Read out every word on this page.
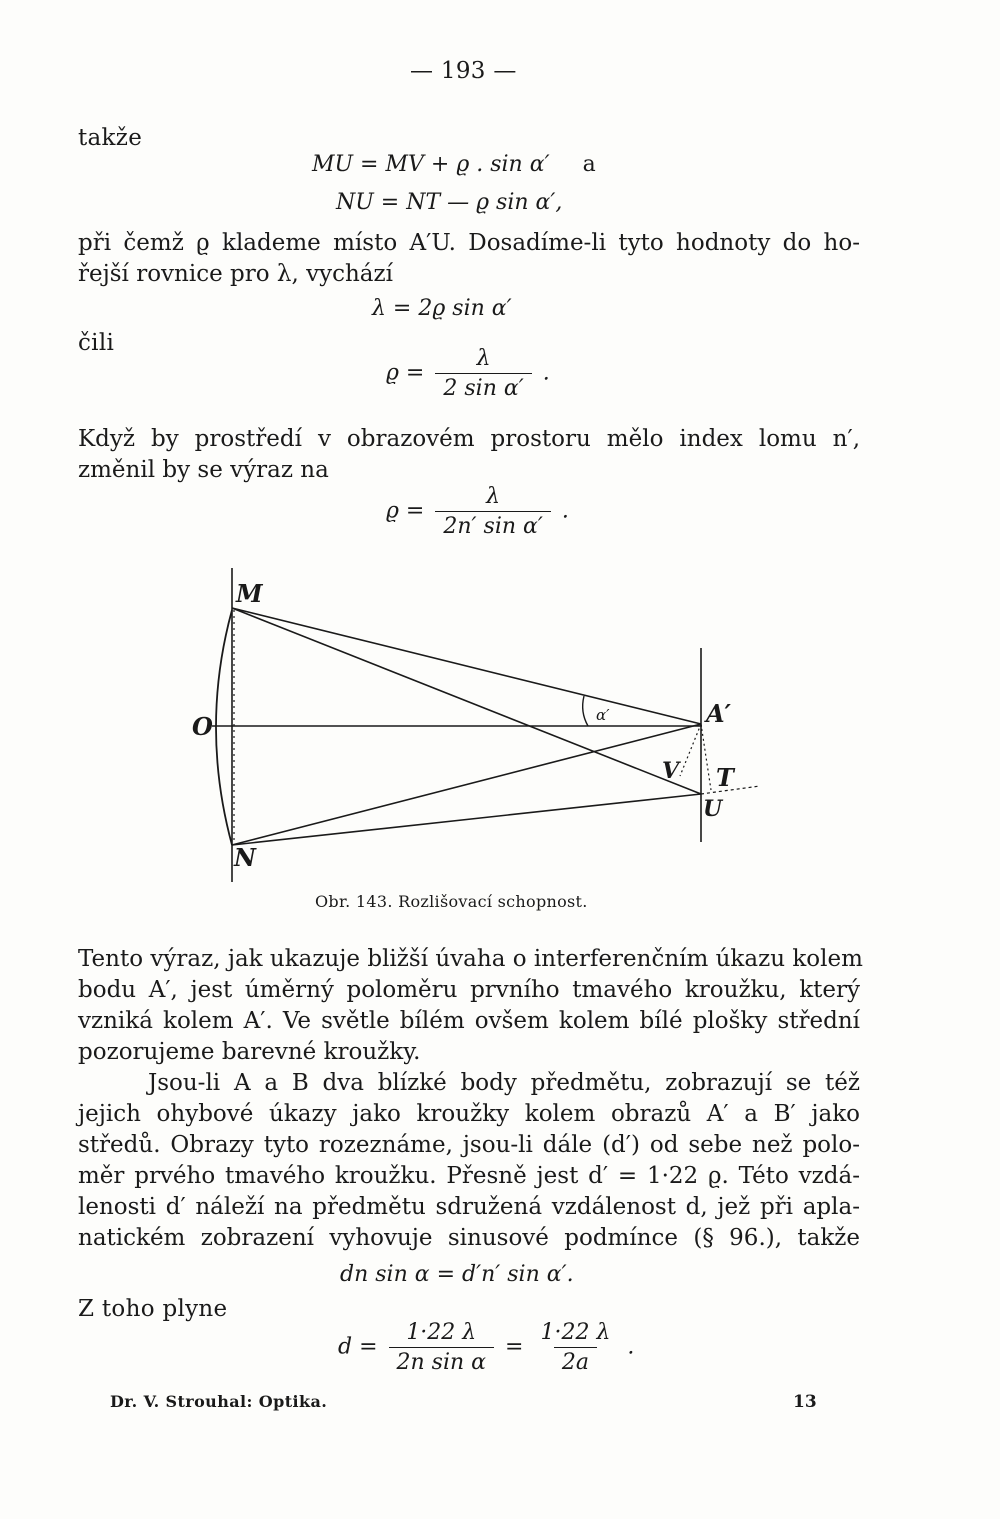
— 193 —
takže
MU = MV + ϱ . sin α′ a
NU = NT — ϱ sin α′,
při čemž ϱ klademe místo A′U. Dosadíme-li tyto hodnoty do ho-
řejší rovnice pro λ, vychází
λ = 2ϱ sin α′
čili
$ϱ = \frac{\lambda}{\text{2 sin α′}}$ .
Když by prostředí v obrazovém prostoru mělo index lomu n′,
změnil by se výraz na
$ϱ = \frac{\lambda}{\text{2n′ sin α′}}$ .
M
O
N
A′
V T
U
α′
Obr. 143. Rozlišovací schopnost.
Tento výraz, jak ukazuje bližší úvaha o interferenčním úkazu kolem
bodu A′, jest úměrný poloměru prvního tmavého kroužku, který
vzniká kolem A′. Ve světle bílém ovšem kolem bílé plošky střední
pozorujeme barevné kroužky.
Jsou-li A a B dva blízké body předmětu, zobrazují se též
jejich ohybové úkazy jako kroužky kolem obrazů A′ a B′ jako
středů. Obrazy tyto rozeznáme, jsou-li dále (d′) od sebe než polo-
měr prvého tmavého kroužku. Přesně jest d′ = 1·22 ϱ. Této vzdá-
lenosti d′ náleží na předmětu sdružená vzdálenost d, jež při apla-
natickém zobrazení vyhovuje sinusové podmínce (§ 96.), takže
dn sin α = d′n′ sin α′.
Z toho plyne
$d = \frac{1\cdot 22 \lambda}{\text{2n sin α}} = \frac{1\cdot 22 \lambda}{2a}$ .
Dr. V. Strouhal: Optika.	13
